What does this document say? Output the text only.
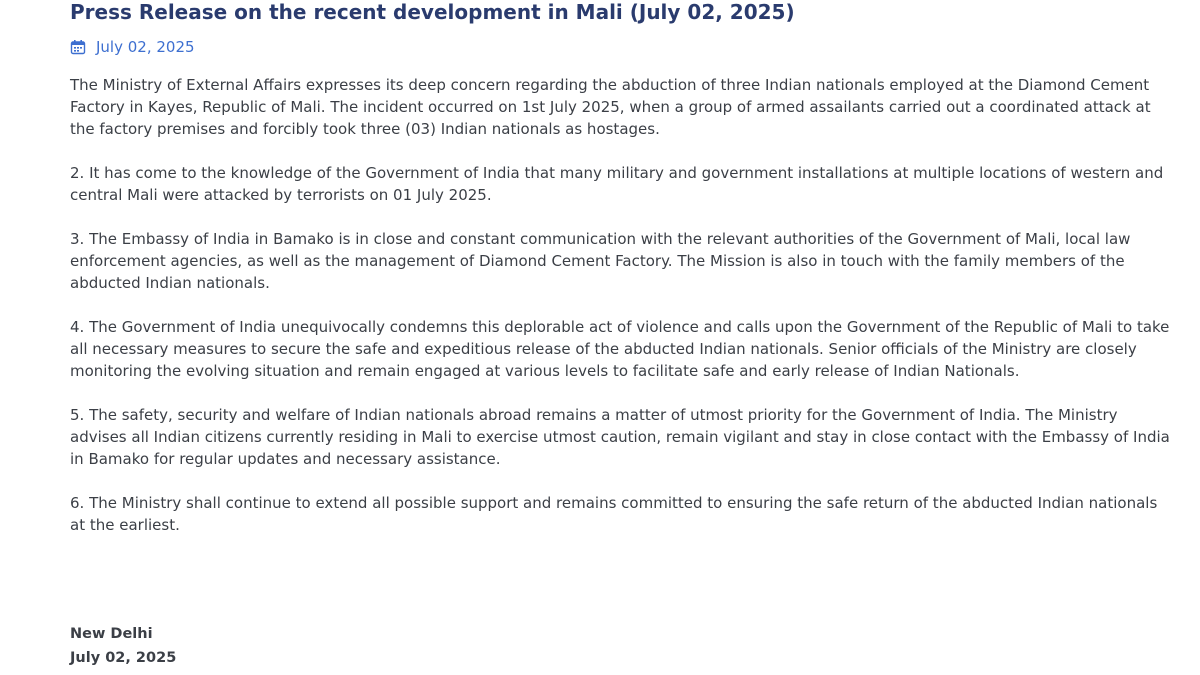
Press Release on the recent development in Mali (July 02, 2025)
July 02, 2025

The Ministry of External Affairs expresses its deep concern regarding the abduction of three Indian nationals employed at the Diamond Cement Factory in Kayes, Republic of Mali. The incident occurred on 1st July 2025, when a group of armed assailants carried out a coordinated attack at the factory premises and forcibly took three (03) Indian nationals as hostages.

2. It has come to the knowledge of the Government of India that many military and government installations at multiple locations of western and central Mali were attacked by terrorists on 01 July 2025.

3. The Embassy of India in Bamako is in close and constant communication with the relevant authorities of the Government of Mali, local law enforcement agencies, as well as the management of Diamond Cement Factory. The Mission is also in touch with the family members of the abducted Indian nationals.

4. The Government of India unequivocally condemns this deplorable act of violence and calls upon the Government of the Republic of Mali to take all necessary measures to secure the safe and expeditious release of the abducted Indian nationals. Senior officials of the Ministry are closely monitoring the evolving situation and remain engaged at various levels to facilitate safe and early release of Indian Nationals.

5. The safety, security and welfare of Indian nationals abroad remains a matter of utmost priority for the Government of India. The Ministry advises all Indian citizens currently residing in Mali to exercise utmost caution, remain vigilant and stay in close contact with the Embassy of India in Bamako for regular updates and necessary assistance.

6. The Ministry shall continue to extend all possible support and remains committed to ensuring the safe return of the abducted Indian nationals at the earliest.

New Delhi
July 02, 2025
